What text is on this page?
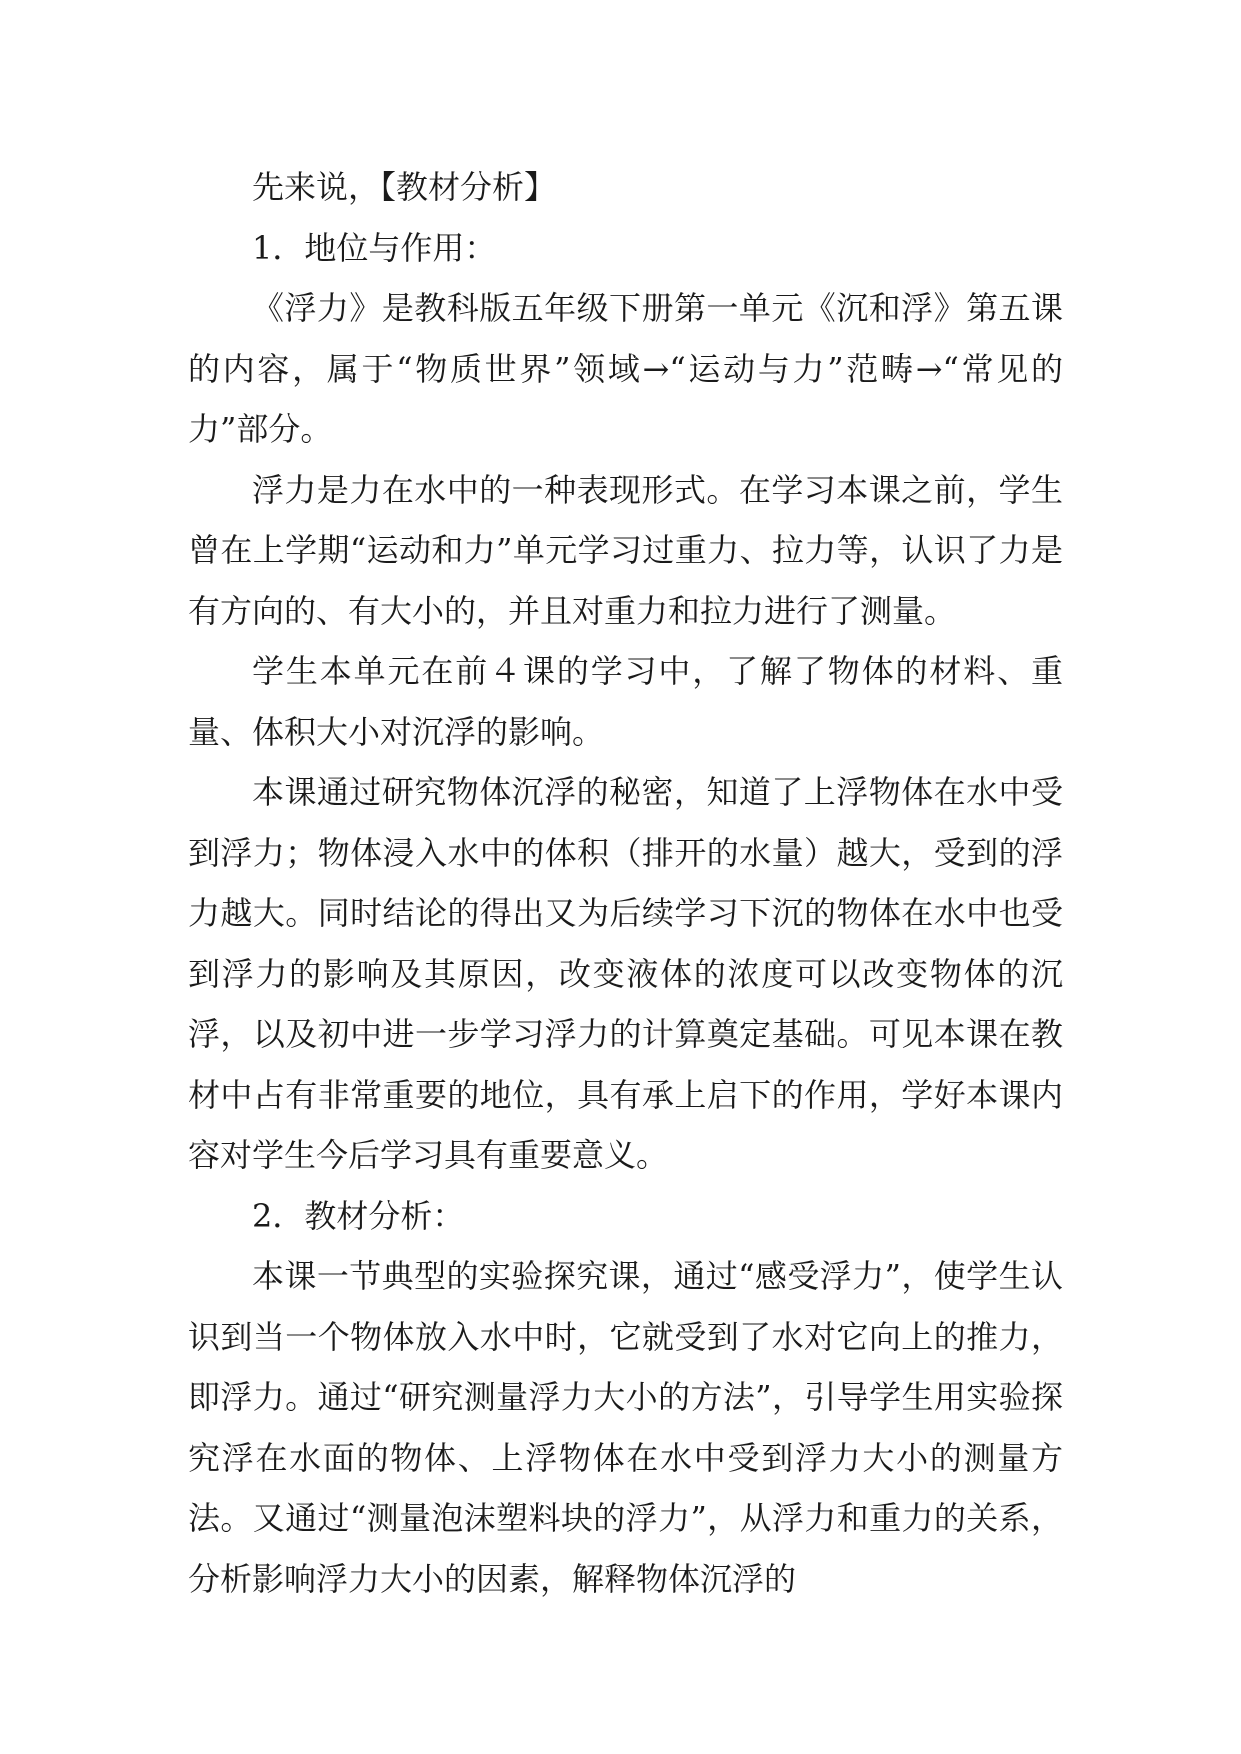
先来说，【教材分析】

1．地位与作用：

《浮力》是教科版五年级下册第一单元《沉和浮》第五课的内容，属于“物质世界”领域→“运动与力”范畴→“常见的力”部分。

浮力是力在水中的一种表现形式。在学习本课之前，学生曾在上学期“运动和力”单元学习过重力、拉力等，认识了力是有方向的、有大小的，并且对重力和拉力进行了测量。

学生本单元在前４课的学习中，了解了物体的材料、重量、体积大小对沉浮的影响。

本课通过研究物体沉浮的秘密，知道了上浮物体在水中受到浮力；物体浸入水中的体积（排开的水量）越大，受到的浮力越大。同时结论的得出又为后续学习下沉的物体在水中也受到浮力的影响及其原因，改变液体的浓度可以改变物体的沉浮，以及初中进一步学习浮力的计算奠定基础。可见本课在教材中占有非常重要的地位，具有承上启下的作用，学好本课内容对学生今后学习具有重要意义。

2．教材分析：

本课一节典型的实验探究课，通过“感受浮力”，使学生认识到当一个物体放入水中时，它就受到了水对它向上的推力，即浮力。通过“研究测量浮力大小的方法”，引导学生用实验探究浮在水面的物体、上浮物体在水中受到浮力大小的测量方法。又通过“测量泡沫塑料块的浮力”，从浮力和重力的关系，分析影响浮力大小的因素，解释物体沉浮的
